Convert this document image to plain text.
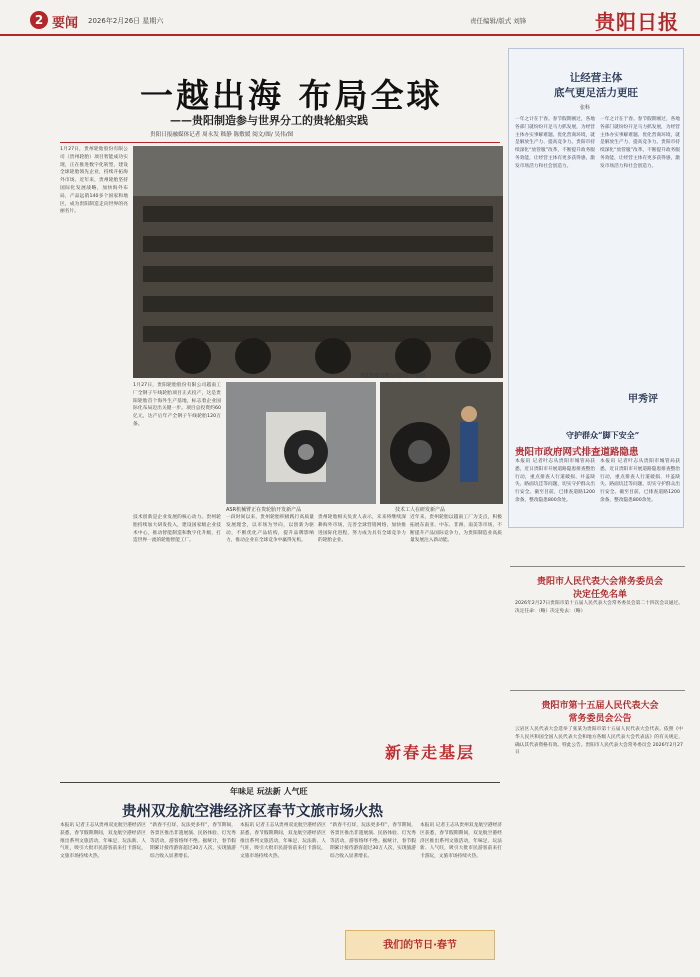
2 要闻 2026年2月26日 星期六	责任编辑/版式 刘锋	贵阳日报
一越出海 布局全球
——贵阳制造参与世界分工的贵轮船实践
贵阳日报融媒体记者 周永发 嵇静 陈敷媛 阅文/图/ 吴伟/图
1月27日，贵州轮胎股份有限公司（贵州轮胎）项目智能成功实现，正在推进数字化转型，建设全球轮胎领先企业，持续开拓海外市场。近年来，贵州轮胎坚持国际化发展战略，加快海外布局，产品远销140多个国家和地区，成为贵阳制造走向世界的亮丽名片。
贵阳轮胎有限公司的生产车间
1月27日，贵阳轮胎股份有限公司越南工厂全钢子午线轮胎项目正式投产，这是贵阳轮胎首个海外生产基地，标志着企业国际化布局迈出关键一步。项目总投资约60亿元，达产后年产全钢子午线轮胎120万条。
ASR机械臂正在贵轮胎开发新产品	技术工人在研发新产品
技术创新是企业发展的核心动力。贵州轮胎持续加大研发投入，建设国家级企业技术中心，推动智能制造和数字化升级，打造世界一流的轮胎智能工厂。
一段时间以来，贵州轮胎积极践行高质量发展理念，以市场为导向，以创新为驱动，不断优化产品结构，提升品牌影响力，推动企业在全球竞争中赢得先机。
贵州轮胎相关负责人表示，未来将继续深耕海外市场，完善全球营销网络，加快推进国际化进程，努力成为具有全球竞争力的轮胎企业。
近年来，贵州轮胎以越南工厂为支点，积极拓展东南亚、中东、非洲、南美等市场，不断提升产品国际竞争力，为贵阳制造业高质量发展注入新动能。
新春走基层
让经营主体
底气更足活力更旺
张科
一年之计在于春。春节假期刚过，各地各部门就纷纷开足马力抓发展，为经营主体办实事解难题。优化营商环境，就是解放生产力、提高竞争力。贵阳市持续深化“放管服”改革，不断提升政务服务效能，让经营主体有更多获得感，激发市场活力和社会创造力。
一年之计在于春。春节假期刚过，各地各部门就纷纷开足马力抓发展，为经营主体办实事解难题。优化营商环境，就是解放生产力、提高竞争力。贵阳市持续深化“放管服”改革，不断提升政务服务效能，让经营主体有更多获得感，激发市场活力和社会创造力。
甲秀评
守护群众“脚下安全”
贵阳市政府网式排查道路隐患
本报讯 记者叶志从贵阳市城管局获悉，近日贵阳市开展道路隐患排查整治行动，重点排查人行道破损、井盖缺失、路面坑洼等问题，切实守护群众出行安全。截至目前，已排查道路1200余条，整改隐患800余处。
本报讯 记者叶志从贵阳市城管局获悉，近日贵阳市开展道路隐患排查整治行动，重点排查人行道破损、井盖缺失、路面坑洼等问题，切实守护群众出行安全。截至目前，已排查道路1200余条，整改隐患800余处。
贵阳市人民代表大会常务委员会
决定任免名单
2026年2月27日贵阳市第十五届人民代表大会常务委员会第二十四次会议通过。决定任命：（略）决定免去：（略）
贵阳市第十五届人民代表大会
常务委员会公告
云岩区人民代表大会选举了张某为贵阳市第十五届人民代表大会代表。依照《中华人民共和国全国人民代表大会和地方各级人民代表大会代表法》的有关规定，确认其代表资格有效。特此公告。贵阳市人民代表大会常务委员会 2026年2月27日
年味足 玩法新 人气旺
贵州双龙航空港经济区春节文旅市场火热
本报讯 记者王志从贵州双龙航空港经济区获悉，春节假期期间，双龙航空港经济区推出系列文旅活动，年味足、玩法新、人气旺，吸引大批市民游客前来打卡游玩，文旅市场持续火热。
“新春不打烊，玩法更多样”，春节期间，各景区推出非遗展演、民俗体验、灯光秀等活动，游客络绎不绝。据统计，春节假期累计接待游客超过30万人次，实现旅游综合收入显著增长。
本报讯 记者王志从贵州双龙航空港经济区获悉，春节假期期间，双龙航空港经济区推出系列文旅活动，年味足、玩法新、人气旺，吸引大批市民游客前来打卡游玩，文旅市场持续火热。
“新春不打烊，玩法更多样”，春节期间，各景区推出非遗展演、民俗体验、灯光秀等活动，游客络绎不绝。据统计，春节假期累计接待游客超过30万人次，实现旅游综合收入显著增长。
本报讯 记者王志从贵州双龙航空港经济区获悉，春节假期期间，双龙航空港经济区推出系列文旅活动，年味足、玩法新、人气旺，吸引大批市民游客前来打卡游玩，文旅市场持续火热。
我们的节日·春节
